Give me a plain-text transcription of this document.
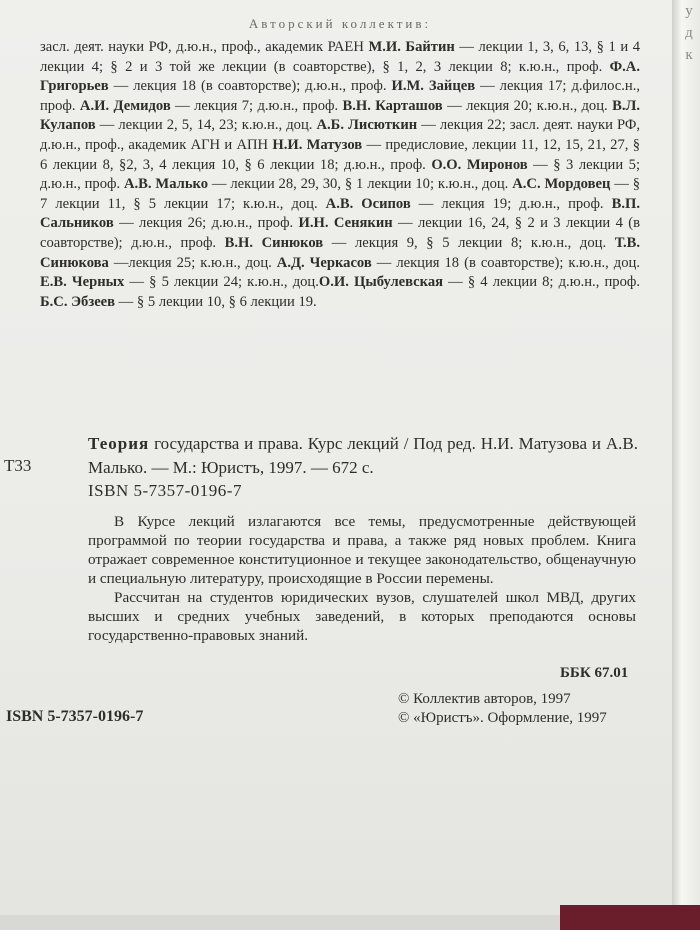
у
д
к
Авторский коллектив:
засл. деят. науки РФ, д.ю.н., проф., академик РАЕН М.И. Байтин — лекции 1, 3, 6, 13, § 1 и 4 лекции 4; § 2 и 3 той же лекции (в соавторстве), § 1, 2, 3 лекции 8; к.ю.н., проф. Ф.А. Григорьев — лекция 18 (в соавторстве); д.ю.н., проф. И.М. Зайцев — лекция 17; д.филос.н., проф. А.И. Демидов — лекция 7; д.ю.н., проф. В.Н. Карташов — лекция 20; к.ю.н., доц. В.Л. Кулапов — лекции 2, 5, 14, 23; к.ю.н., доц. А.Б. Лисюткин — лекция 22; засл. деят. науки РФ, д.ю.н., проф., академик АГН и АПН Н.И. Матузов — предисловие, лекции 11, 12, 15, 21, 27, § 6 лекции 8, §2, 3, 4 лекция 10, § 6 лекции 18; д.ю.н., проф. О.О. Миронов — § 3 лекции 5; д.ю.н., проф. А.В. Малько — лекции 28, 29, 30, § 1 лекции 10; к.ю.н., доц. А.С. Мордовец — § 7 лекции 11, § 5 лекции 17; к.ю.н., доц. А.В. Осипов — лекция 19; д.ю.н., проф. В.П. Сальников — лекция 26; д.ю.н., проф. И.Н. Сенякин — лекции 16, 24, § 2 и 3 лекции 4 (в соавторстве); д.ю.н., проф. В.Н. Синюков — лекция 9, § 5 лекции 8; к.ю.н., доц. Т.В. Синюкова —лекция 25; к.ю.н., доц. А.Д. Черкасов — лекция 18 (в соавторстве); к.ю.н., доц. Е.В. Черных — § 5 лекции 24; к.ю.н., доц.О.И. Цыбулевская — § 4 лекции 8; д.ю.н., проф. Б.С. Эбзеев — § 5 лекции 10, § 6 лекции 19.
Теория государства и права. Курс лекций / Под ред. Н.И. Матузова и А.В. Малько. — М.: Юристъ, 1997. — 672 с.
Т33
ISBN 5-7357-0196-7

В Курсе лекций излагаются все темы, предусмотренные действующей программой по теории государства и права, а также ряд новых проблем. Книга отражает современное конституционное и текущее законодательство, общенаучную и специальную литературу, происходящие в России перемены.

Рассчитан на студентов юридических вузов, слушателей школ МВД, других высших и средних учебных заведений, в которых преподаются основы государственно-правовых знаний.

ББК 67.01
ISBN 5-7357-0196-7
© Коллектив авторов, 1997
© «Юристъ». Оформление, 1997
